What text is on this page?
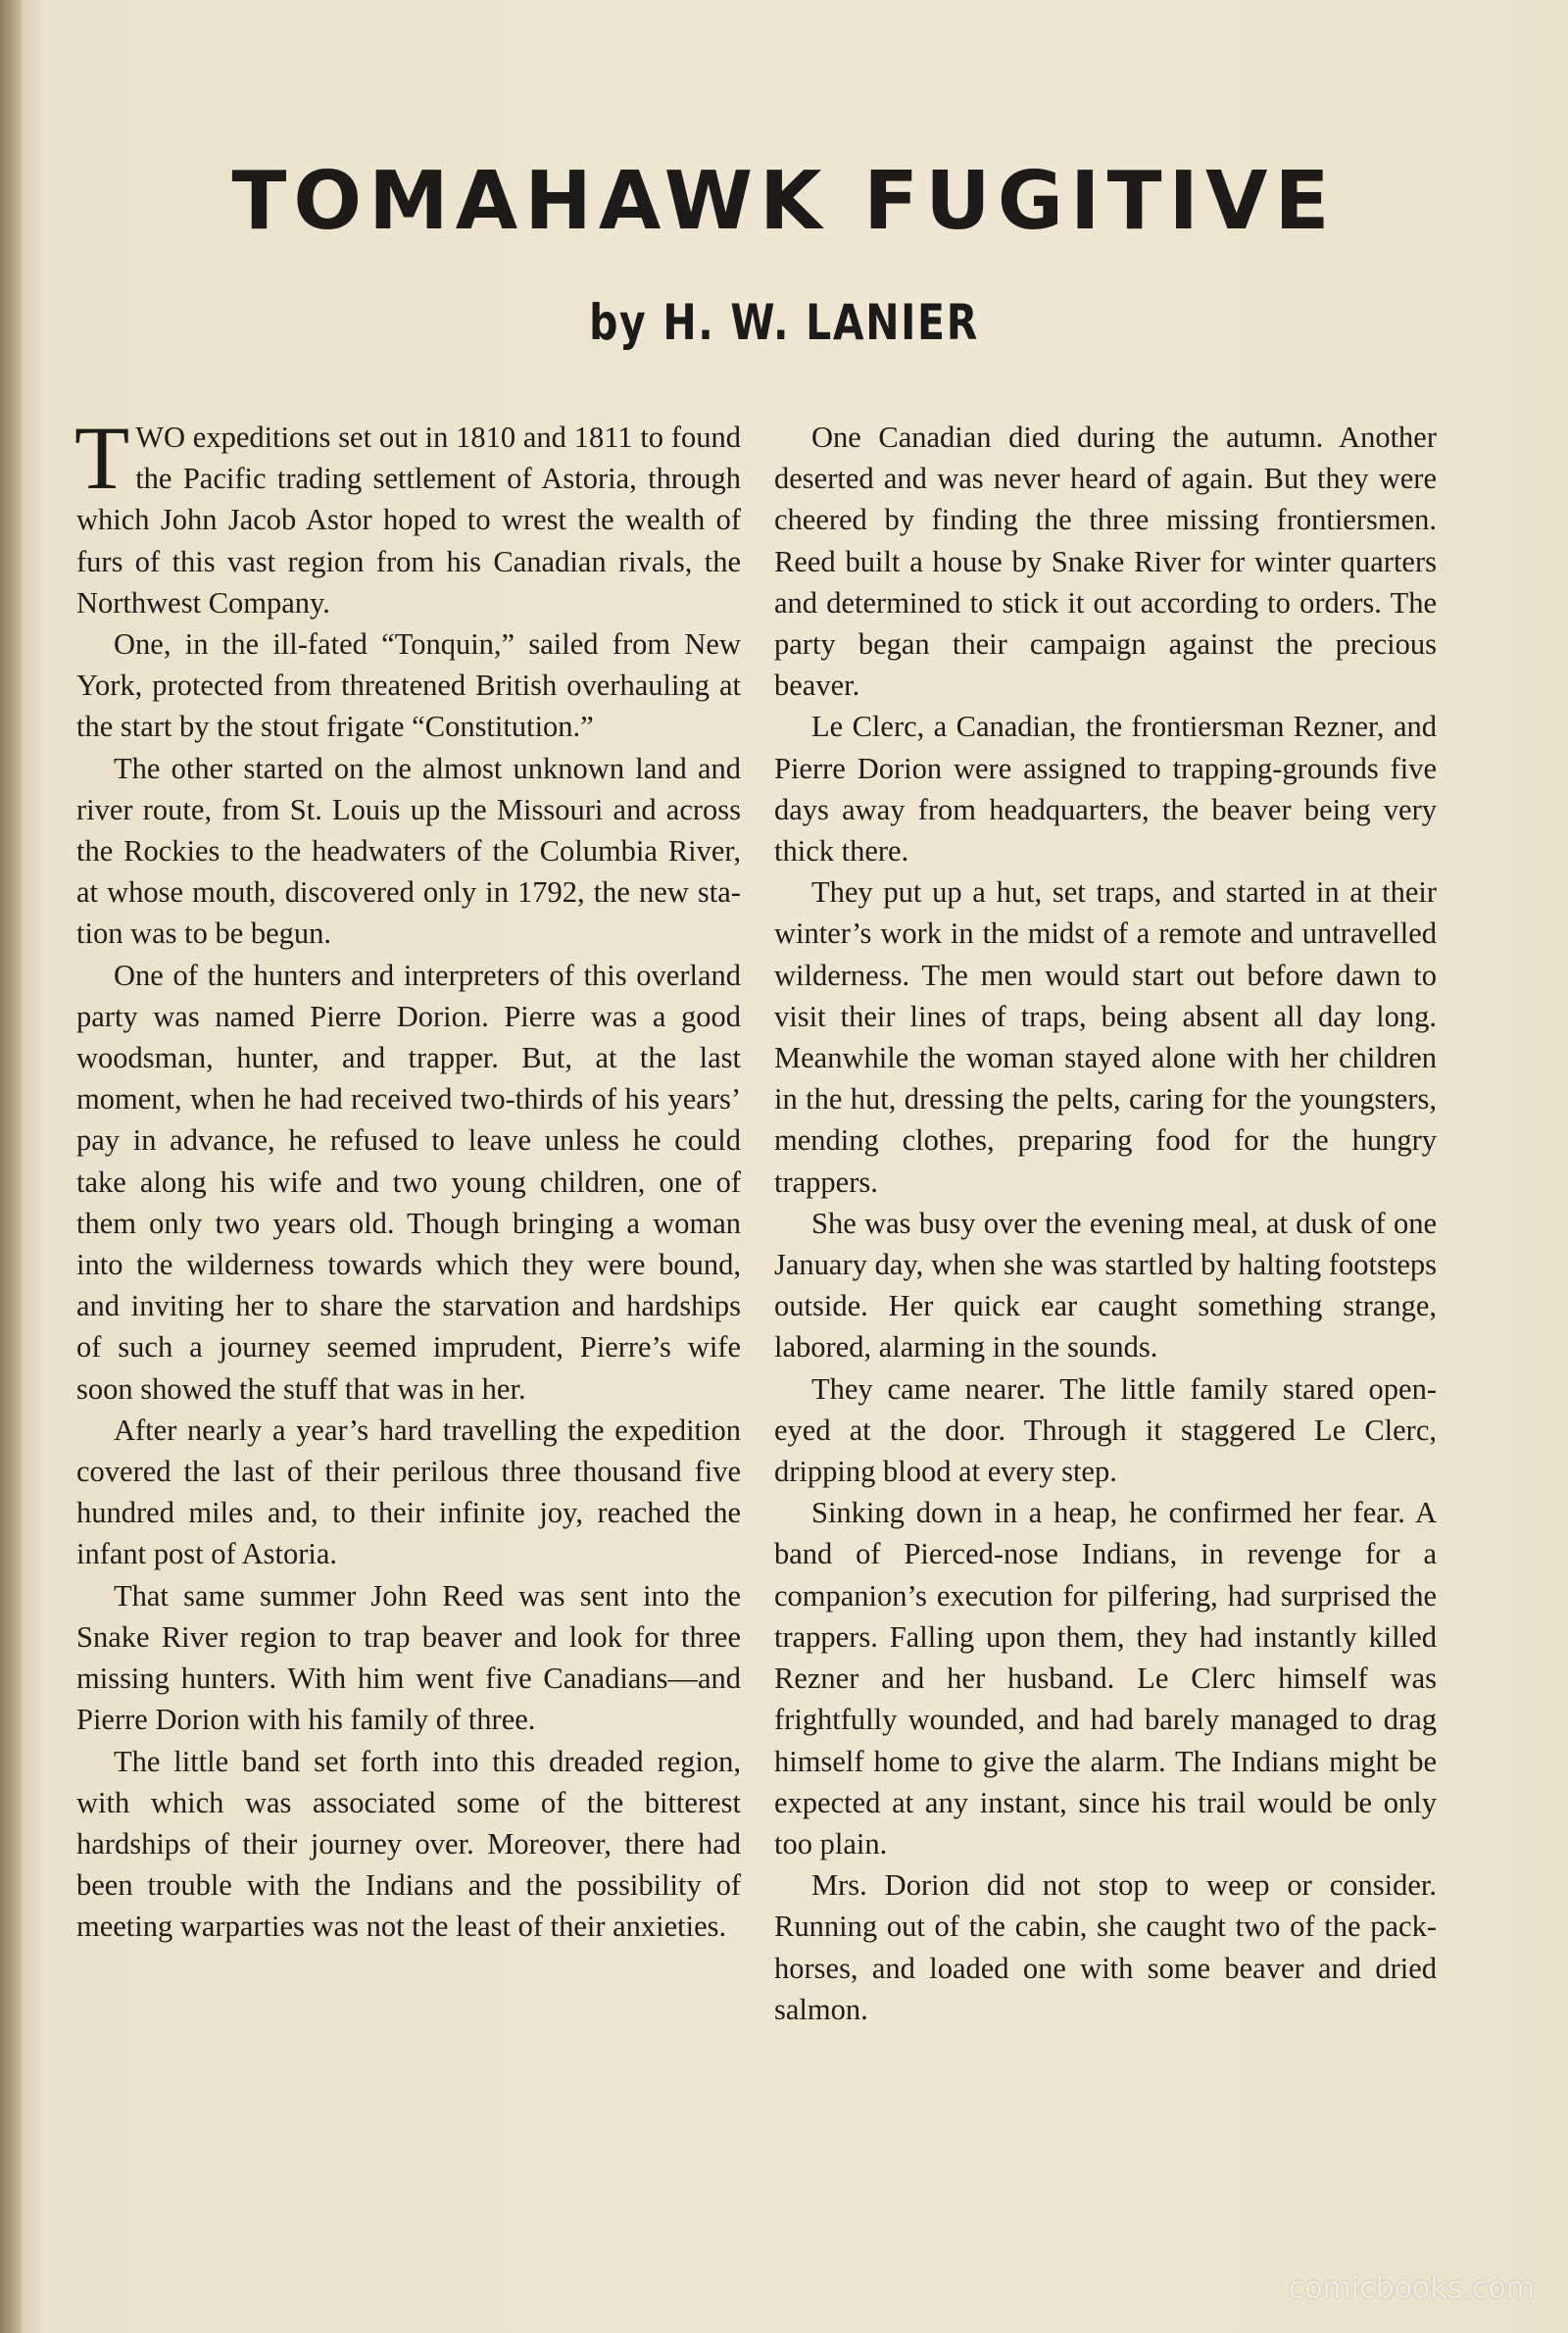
TOMAHAWK FUGITIVE
by H. W. LANIER

TWO expeditions set out in 1810 and 1811 to found the Pacific trading settlement of Astoria, through which John Jacob Astor hoped to wrest the wealth of furs of this vast region from his Canadian rivals, the Northwest Company.

One, in the ill-fated “Tonquin,” sailed from New York, protected from threatened British overhauling at the start by the stout frigate “Constitution.”

The other started on the almost unknown land and river route, from St. Louis up the Missouri and across the Rockies to the headwaters of the Columbia River, at whose mouth, discovered only in 1792, the new station was to be begun.

One of the hunters and interpreters of this overland party was named Pierre Dorion. Pierre was a good woodsman, hunter, and trapper. But, at the last moment, when he had received two-thirds of his years’ pay in advance, he refused to leave unless he could take along his wife and two young children, one of them only two years old. Though bringing a woman into the wilderness towards which they were bound, and inviting her to share the starvation and hardships of such a journey seemed imprudent, Pierre’s wife soon showed the stuff that was in her.

After nearly a year’s hard travelling the expedition covered the last of their perilous three thousand five hundred miles and, to their infinite joy, reached the infant post of Astoria.

That same summer John Reed was sent into the Snake River region to trap beaver and look for three missing hunters. With him went five Canadians—and Pierre Dorion with his family of three.

The little band set forth into this dreaded region, with which was associated some of the bitterest hardships of their journey over. Moreover, there had been trouble with the Indians and the possibility of meeting warparties was not the least of their anxieties.

One Canadian died during the autumn. Another deserted and was never heard of again. But they were cheered by finding the three missing frontiersmen. Reed built a house by Snake River for winter quarters and determined to stick it out according to orders. The party began their campaign against the precious beaver.

Le Clerc, a Canadian, the frontiersman Rezner, and Pierre Dorion were assigned to trapping-grounds five days away from headquarters, the beaver being very thick there.

They put up a hut, set traps, and started in at their winter’s work in the midst of a remote and untravelled wilderness. The men would start out before dawn to visit their lines of traps, being absent all day long. Meanwhile the woman stayed alone with her children in the hut, dressing the pelts, caring for the youngsters, mending clothes, preparing food for the hungry trappers.

She was busy over the evening meal, at dusk of one January day, when she was startled by halting footsteps outside. Her quick ear caught something strange, labored, alarming in the sounds.

They came nearer. The little family stared open-eyed at the door. Through it staggered Le Clerc, dripping blood at every step.

Sinking down in a heap, he confirmed her fear. A band of Pierced-nose Indians, in revenge for a companion’s execution for pilfering, had surprised the trappers. Falling upon them, they had instantly killed Rezner and her husband. Le Clerc himself was frightfully wounded, and had barely managed to drag himself home to give the alarm. The Indians might be expected at any instant, since his trail would be only too plain.

Mrs. Dorion did not stop to weep or consider. Running out of the cabin, she caught two of the pack-horses, and loaded one with some beaver and dried salmon.

comicbooks.com
